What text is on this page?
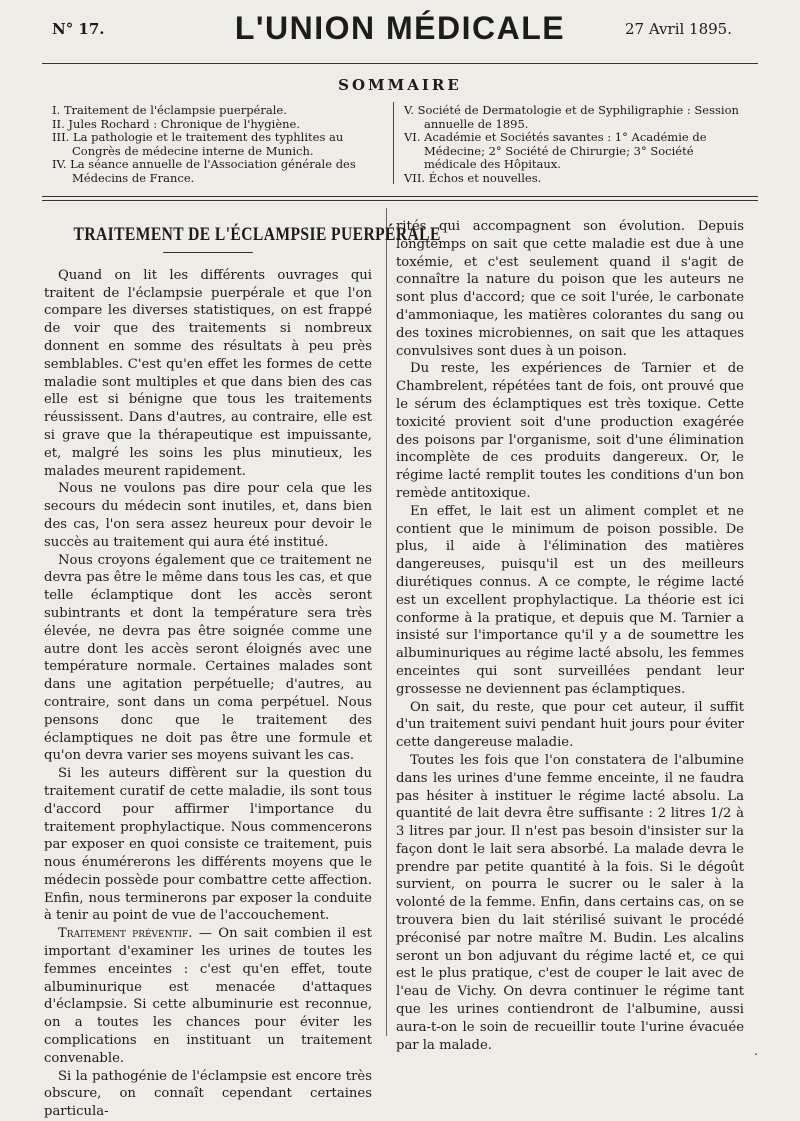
N° 17.	L'UNION MÉDICALE	27 Avril 1895.
SOMMAIRE
I. Traitement de l'éclampsie puerpérale.
II. Jules Rochard : Chronique de l'hygiène.
III. La pathologie et le traitement des typhlites au Congrès de médecine interne de Munich.
IV. La séance annuelle de l'Association générale des Médecins de France.
V. Société de Dermatologie et de Syphiligraphie : Session annuelle de 1895.
VI. Académie et Sociétés savantes : 1° Académie de Médecine; 2° Société de Chirurgie; 3° Société médicale des Hôpitaux.
VII. Échos et nouvelles.
TRAITEMENT DE L'ÉCLAMPSIE PUERPÉRALE

Quand on lit les différents ouvrages qui traitent de l'éclampsie puerpérale et que l'on compare les diverses statistiques, on est frappé de voir que des traitements si nombreux donnent en somme des résultats à peu près semblables. C'est qu'en effet les formes de cette maladie sont multiples et que dans bien des cas elle est si bénigne que tous les traitements réussissent. Dans d'autres, au contraire, elle est si grave que la thérapeutique est impuissante, et, malgré les soins les plus minutieux, les malades meurent rapidement.

Nous ne voulons pas dire pour cela que les secours du médecin sont inutiles, et, dans bien des cas, l'on sera assez heureux pour devoir le succès au traitement qui aura été institué.

Nous croyons également que ce traitement ne devra pas être le même dans tous les cas, et que telle éclamptique dont les accès seront subintrants et dont la température sera très élevée, ne devra pas être soignée comme une autre dont les accès seront éloignés avec une température normale. Certaines malades sont dans une agitation perpétuelle; d'autres, au contraire, sont dans un coma perpétuel. Nous pensons donc que le traitement des éclamptiques ne doit pas être une formule et qu'on devra varier ses moyens suivant les cas.

Si les auteurs diffèrent sur la question du traitement curatif de cette maladie, ils sont tous d'accord pour affirmer l'importance du traitement prophylactique. Nous commencerons par exposer en quoi consiste ce traitement, puis nous énumérerons les différents moyens que le médecin possède pour combattre cette affection. Enfin, nous terminerons par exposer la conduite à tenir au point de vue de l'accouchement.

Traitement préventif. — On sait combien il est important d'examiner les urines de toutes les femmes enceintes : c'est qu'en effet, toute albuminurique est menacée d'attaques d'éclampsie. Si cette albuminurie est reconnue, on a toutes les chances pour éviter les complications en instituant un traitement convenable.

Si la pathogénie de l'éclampsie est encore très obscure, on connaît cependant certaines particula-

rités qui accompagnent son évolution. Depuis longtemps on sait que cette maladie est due à une toxémie, et c'est seulement quand il s'agit de connaître la nature du poison que les auteurs ne sont plus d'accord; que ce soit l'urée, le carbonate d'ammoniaque, les matières colorantes du sang ou des toxines microbiennes, on sait que les attaques convulsives sont dues à un poison.

Du reste, les expériences de Tarnier et de Chambrelent, répétées tant de fois, ont prouvé que le sérum des éclamptiques est très toxique. Cette toxicité provient soit d'une production exagérée des poisons par l'organisme, soit d'une élimination incomplète de ces produits dangereux. Or, le régime lacté remplit toutes les conditions d'un bon remède antitoxique.

En effet, le lait est un aliment complet et ne contient que le minimum de poison possible. De plus, il aide à l'élimination des matières dangereuses, puisqu'il est un des meilleurs diurétiques connus. A ce compte, le régime lacté est un excellent prophylactique. La théorie est ici conforme à la pratique, et depuis que M. Tarnier a insisté sur l'importance qu'il y a de soumettre les albuminuriques au régime lacté absolu, les femmes enceintes qui sont surveillées pendant leur grossesse ne deviennent pas éclamptiques.

On sait, du reste, que pour cet auteur, il suffit d'un traitement suivi pendant huit jours pour éviter cette dangereuse maladie.

Toutes les fois que l'on constatera de l'albumine dans les urines d'une femme enceinte, il ne faudra pas hésiter à instituer le régime lacté absolu. La quantité de lait devra être suffisante : 2 litres 1/2 à 3 litres par jour. Il n'est pas besoin d'insister sur la façon dont le lait sera absorbé. La malade devra le prendre par petite quantité à la fois. Si le dégoût survient, on pourra le sucrer ou le saler à la volonté de la femme. Enfin, dans certains cas, on se trouvera bien du lait stérilisé suivant le procédé préconisé par notre maître M. Budin. Les alcalins seront un bon adjuvant du régime lacté et, ce qui est le plus pratique, c'est de couper le lait avec de l'eau de Vichy. On devra continuer le régime tant que les urines contiendront de l'albumine, aussi aura-t-on le soin de recueillir toute l'urine évacuée par la malade.	.
